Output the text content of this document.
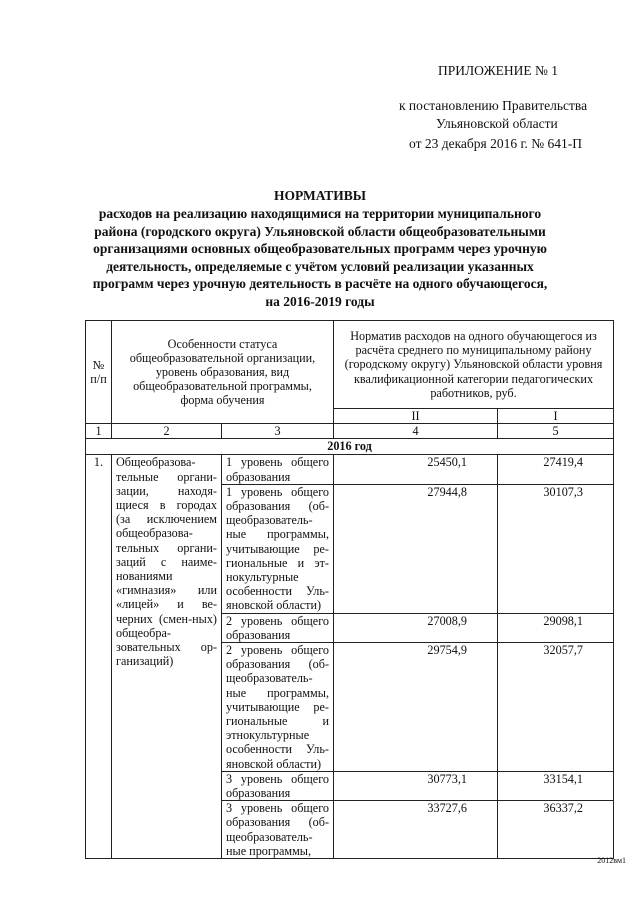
ПРИЛОЖЕНИЕ № 1
к постановлению Правительства
Ульяновской области
от 23 декабря 2016 г. № 641-П
НОРМАТИВЫ
расходов на реализацию находящимися на территории муниципального
района (городского округа) Ульяновской области общеобразовательными
организациями основных общеобразовательных программ через урочную
деятельность, определяемые с учётом условий реализации указанных
программ через урочную деятельность в расчёте на одного обучающегося,
на 2016-2019 годы
№ п/п	Особенности статуса общеобразовательной организации, уровень образования, вид общеобразовательной программы, форма обучения		Норматив расходов на одного обучающегося из расчёта среднего по муниципальному району (городскому округу) Ульяновской области уровня квалификационной категории педагогических работников, руб.	
			II	I
1	2	3	4	5
2016 год				
1.	Общеобразова-тельные органи-зации, находя-щиеся в городах (за исключением общеобразова-тельных органи-заций с наиме-нованиями «гимназия» или «лицей» и ве-черних (смен-ных) общеобра-зовательных ор-ганизаций)	1 уровень общего образования	25450,1	27419,4
		1 уровень общего образования (об-щеобразователь-ные программы, учитывающие ре-гиональные и эт-нокультурные особенности Уль-яновской области)	27944,8	30107,3
		2 уровень общего образования	27008,9	29098,1
		2 уровень общего образования (об-щеобразователь-ные программы, учитывающие ре-гиональные и этнокультурные особенности Уль-яновской области)	29754,9	32057,7
		3 уровень общего образования	30773,1	33154,1
		3 уровень общего образования (об-щеобразователь-ные программы,	33727,6	36337,2
2012вм1
